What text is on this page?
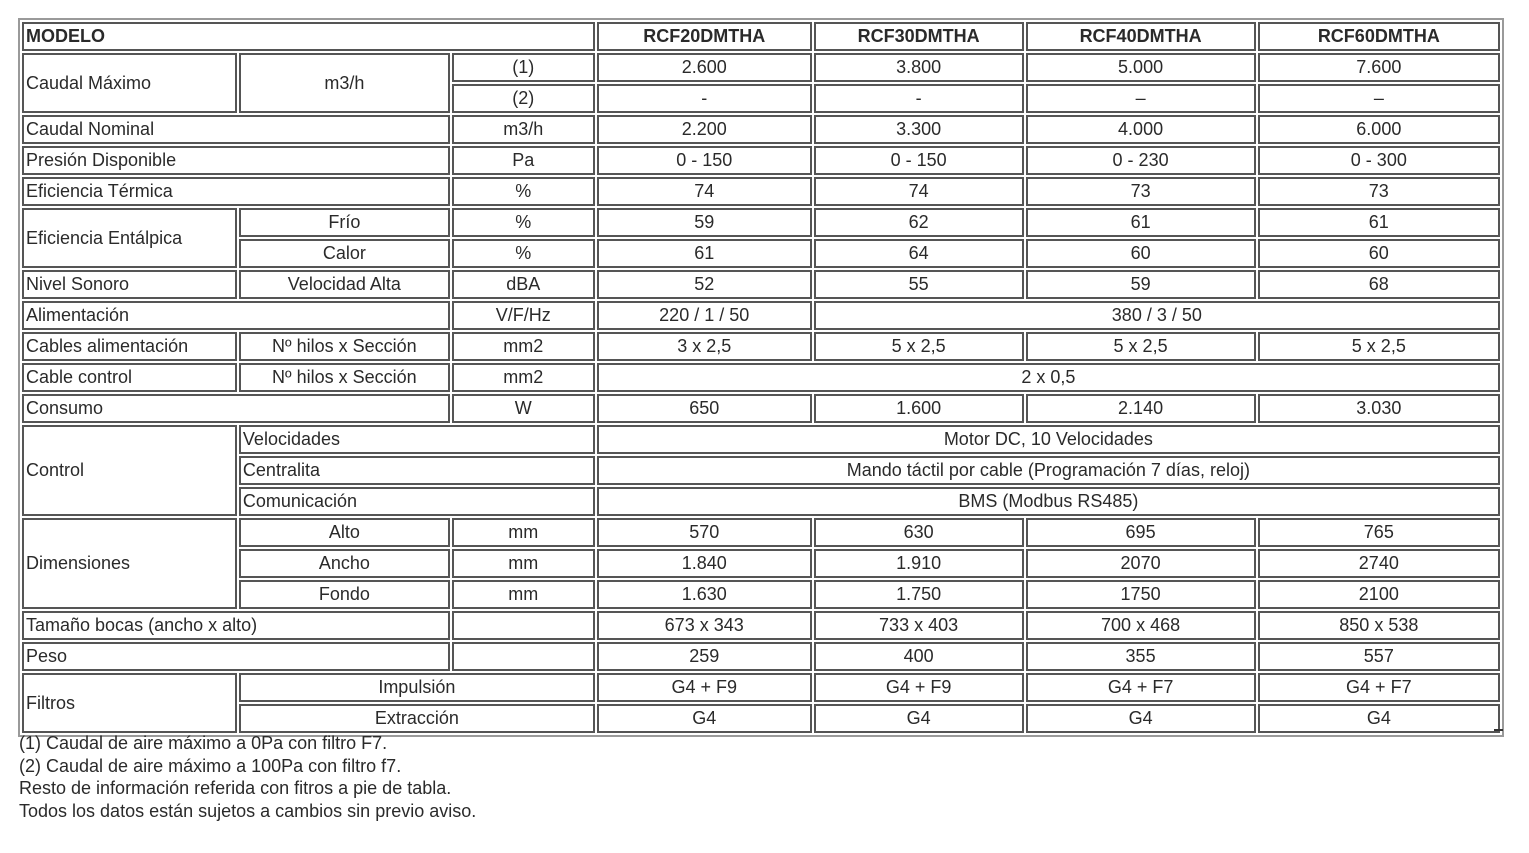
MODELO			RCF20DMTHA	RCF30DMTHA	RCF40DMTHA	RCF60DMTHA
Caudal Máximo	m3/h	(1)	2.600	3.800	5.000	7.600
		(2)	-	-	–	–
Caudal Nominal		m3/h	2.200	3.300	4.000	6.000
Presión Disponible		Pa	0 - 150	0 - 150	0 - 230	0 - 300
Eficiencia Térmica		%	74	74	73	73
Eficiencia Entálpica	Frío	%	59	62	61	61
	Calor	%	61	64	60	60
Nivel Sonoro	Velocidad Alta	dBA	52	55	59	68
Alimentación		V/F/Hz	220 / 1 / 50	380 / 3 / 50		
Cables alimentación	Nº hilos x Sección	mm2	3 x 2,5	5 x 2,5	5 x 2,5	5 x 2,5
Cable control	Nº hilos x Sección	mm2	2 x 0,5			
Consumo		W	650	1.600	2.140	3.030
Control	Velocidades		Motor DC, 10 Velocidades			
	Centralita		Mando táctil por cable (Programación 7 días, reloj)			
	Comunicación		BMS (Modbus RS485)			
Dimensiones	Alto	mm	570	630	695	765
	Ancho	mm	1.840	1.910	2070	2740
	Fondo	mm	1.630	1.750	1750	2100
Tamaño bocas (ancho x alto)			673 x 343	733 x 403	700 x 468	850 x 538
Peso			259	400	355	557
Filtros	Impulsión		G4 + F9	G4 + F9	G4 + F7	G4 + F7
	Extracción		G4	G4	G4	G4
(1) Caudal de aire máximo a 0Pa con filtro F7.
(2) Caudal de aire máximo a 100Pa con filtro f7.
Resto de información referida con fitros a pie de tabla.
Todos los datos están sujetos a cambios sin previo aviso.
